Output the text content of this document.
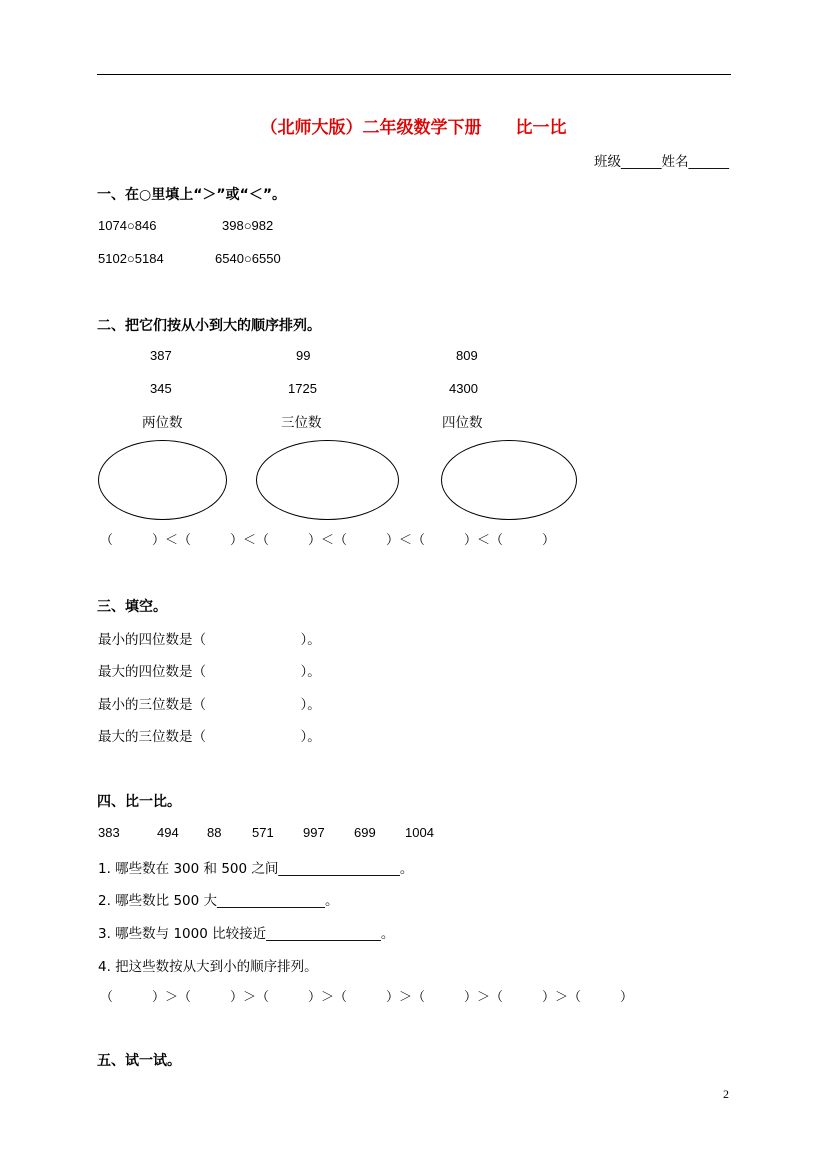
（北师大版）二年级数学下册　　比一比
班级______姓名______
一、在○里填上“＞”或“＜”。
1074○846	398○982
5102○5184	6540○6550
二、把它们按从小到大的顺序排列。
387	99	809
345	1725	4300
两位数	三位数	四位数
（　　　）＜（　　　）＜（　　　）＜（　　　）＜（　　　）＜（　　　）
三、填空。
最小的四位数是（　　　　　　　）。
最大的四位数是（　　　　　　　）。
最小的三位数是（　　　　　　　）。
最大的三位数是（　　　　　　　）。
四、比一比。
383	494 88 571 997 699 1004
1. 哪些数在 300 和 500 之间__________________。
2. 哪些数比 500 大________________。
3. 哪些数与 1000 比较接近_________________。
4. 把这些数按从大到小的顺序排列。
（　　　）＞（　　　）＞（　　　）＞（　　　）＞（　　　）＞（　　　）＞（　　　）
五、试一试。
2
